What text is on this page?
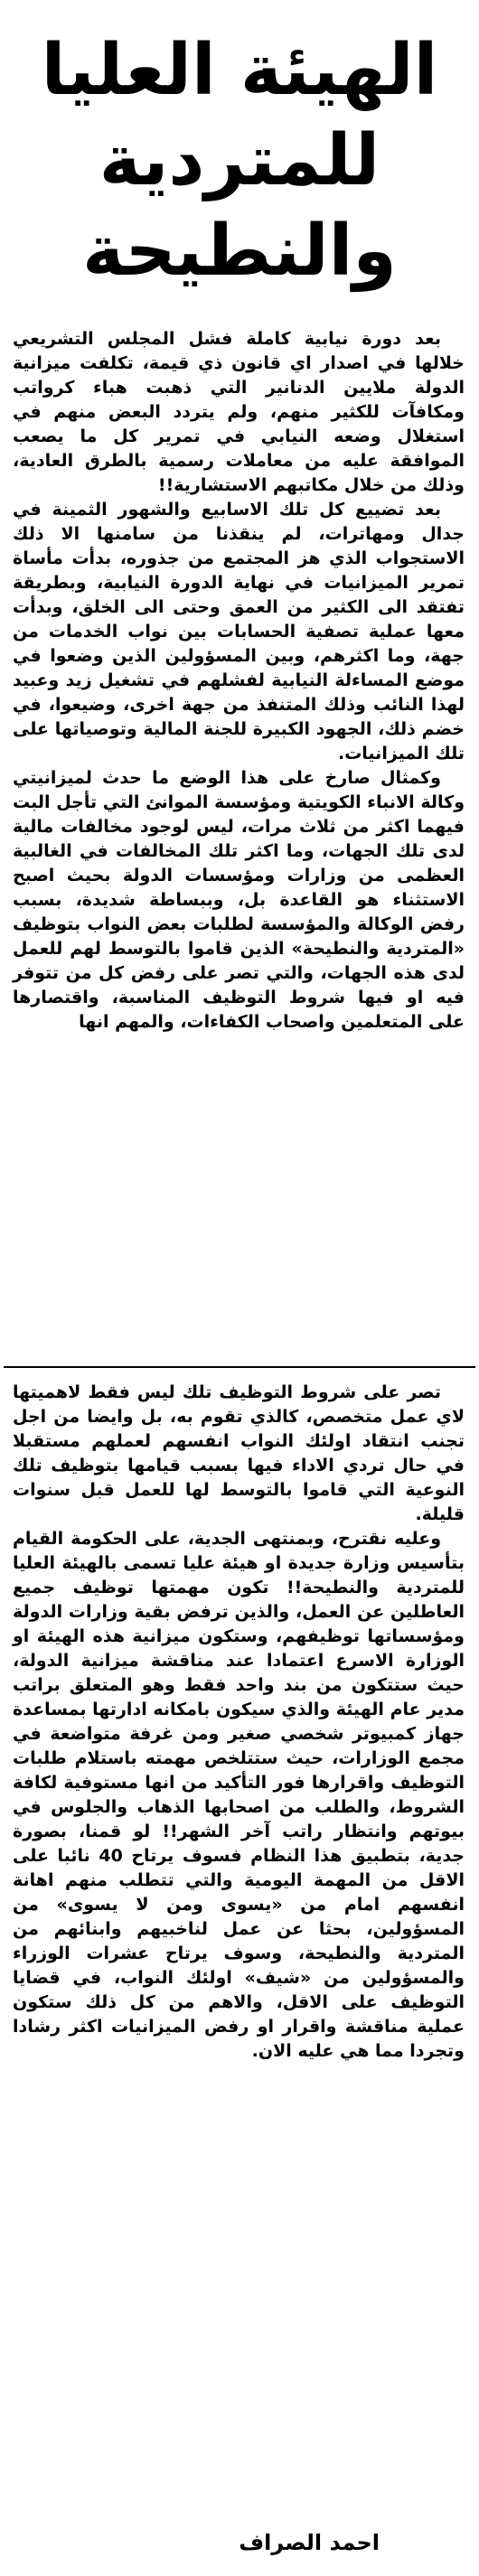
الهيئة العليا
للمتردية
والنطيحة

بعد دورة نيابية كاملة فشل المجلس التشريعي خلالها في اصدار اي قانون ذي قيمة، تكلفت ميزانية الدولة ملايين الدنانير التي ذهبت هباء كرواتب ومكافآت للكثير منهم، ولم يتردد البعض منهم في استغلال وضعه النيابي في تمرير كل ما يصعب الموافقة عليه من معاملات رسمية بالطرق العادية، وذلك من خلال مكاتبهم الاستشارية!!

بعد تضييع كل تلك الاسابيع والشهور الثمينة في جدال ومهاترات، لم ينقذنا من سامنها الا ذلك الاستجواب الذي هز المجتمع من جذوره، بدأت مأساة تمرير الميزانيات في نهاية الدورة النيابية، وبطريقة تفتقد الى الكثير من العمق وحتى الى الخلق، وبدأت معها عملية تصفية الحسابات بين نواب الخدمات من جهة، وما اكثرهم، وبين المسؤولين الذين وضعوا في موضع المساءلة النيابية لفشلهم في تشغيل زيد وعبيد لهذا النائب وذلك المتنفذ من جهة اخرى، وضيعوا، في خضم ذلك، الجهود الكبيرة للجنة المالية وتوصياتها على تلك الميزانيات.

وكمثال صارخ على هذا الوضع ما حدث لميزانيتي وكالة الانباء الكويتية ومؤسسة الموانئ التي تأجل البت فيهما اكثر من ثلاث مرات، ليس لوجود مخالفات مالية لدى تلك الجهات، وما اكثر تلك المخالفات في الغالبية العظمى من وزارات ومؤسسات الدولة بحيث اصبح الاستثناء هو القاعدة بل، وببساطة شديدة، بسبب رفض الوكالة والمؤسسة لطلبات بعض النواب بتوظيف «المتردية والنطيحة» الذين قاموا بالتوسط لهم للعمل لدى هذه الجهات، والتي تصر على رفض كل من تتوفر فيه او فيها شروط التوظيف المناسبة، واقتصارها على المتعلمين واصحاب الكفاءات، والمهم انها

تصر على شروط التوظيف تلك ليس فقط لاهميتها لاي عمل متخصص، كالذي تقوم به، بل وايضا من اجل تجنب انتقاد اولئك النواب انفسهم لعملهم مستقبلا في حال تردي الاداء فيها بسبب قيامها بتوظيف تلك النوعية التي قاموا بالتوسط لها للعمل قبل سنوات قليلة.

وعليه نقترح، وبمنتهى الجدية، على الحكومة القيام بتأسيس وزارة جديدة او هيئة عليا تسمى بالهيئة العليا للمتردية والنطيحة!! تكون مهمتها توظيف جميع العاطلين عن العمل، والذين ترفض بقية وزارات الدولة ومؤسساتها توظيفهم، وستكون ميزانية هذه الهيئة او الوزارة الاسرع اعتمادا عند مناقشة ميزانية الدولة، حيث ستتكون من بند واحد فقط وهو المتعلق براتب مدير عام الهيئة والذي سيكون بامكانه ادارتها بمساعدة جهاز كمبيوتر شخصي صغير ومن غرفة متواضعة في مجمع الوزارات، حيث ستتلخص مهمته باستلام طلبات التوظيف واقرارها فور التأكيد من انها مستوفية لكافة الشروط، والطلب من اصحابها الذهاب والجلوس في بيوتهم وانتظار راتب آخر الشهر!! لو قمنا، بصورة جدية، بتطبيق هذا النظام فسوف يرتاح 40 نائبا على الاقل من المهمة اليومية والتي تتطلب منهم اهانة انفسهم امام من «يسوى ومن لا يسوى» من المسؤولين، بحثا عن عمل لناخبيهم وابنائهم من المتردية والنطيحة، وسوف يرتاح عشرات الوزراء والمسؤولين من «شيف» اولئك النواب، في قضايا التوظيف على الاقل، والاهم من كل ذلك ستكون عملية مناقشة واقرار او رفض الميزانيات اكثر رشادا وتجردا مما هي عليه الان.

احمد الصراف
